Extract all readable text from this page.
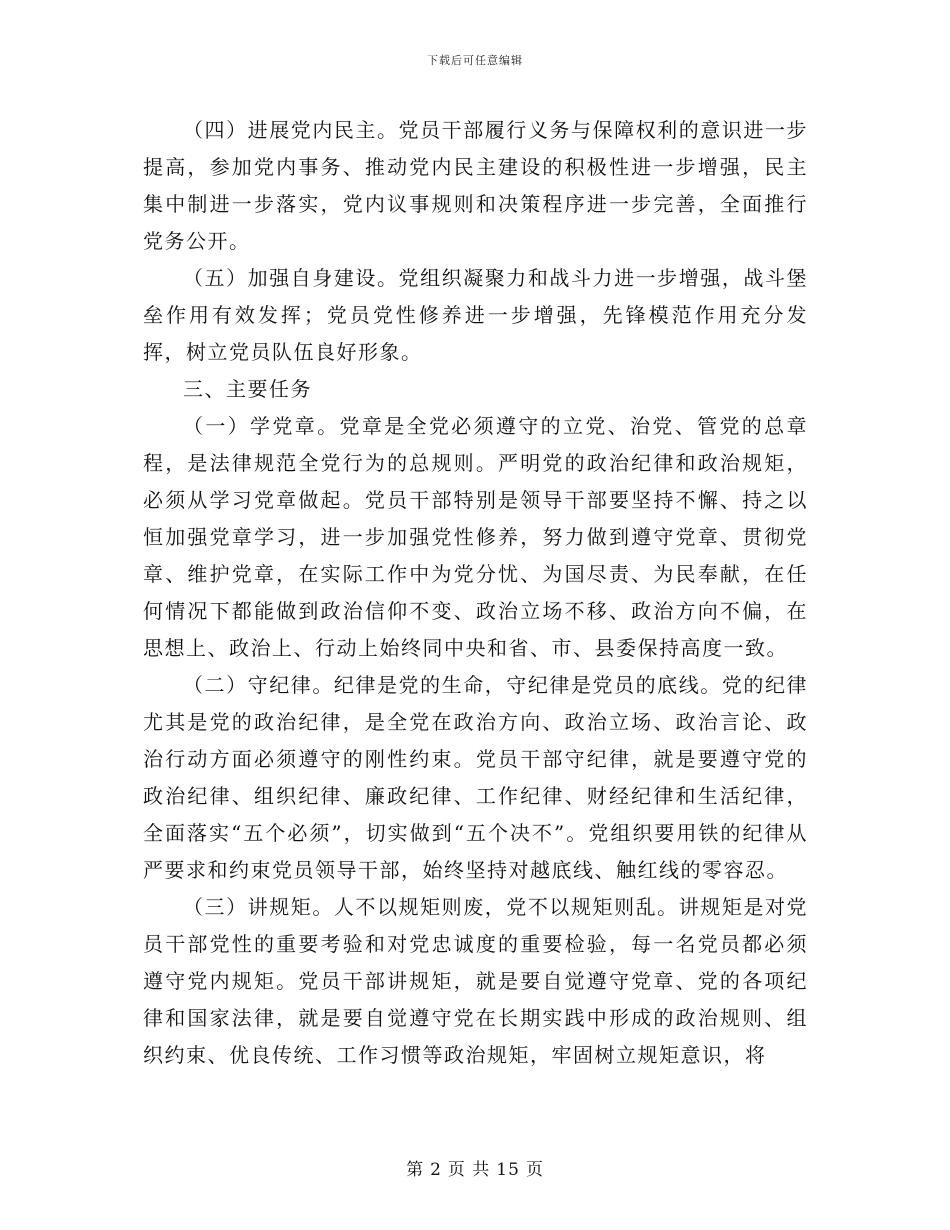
下载后可任意编辑

（四）进展党内民主。党员干部履行义务与保障权利的意识进一步提高，参加党内事务、推动党内民主建设的积极性进一步增强，民主集中制进一步落实，党内议事规则和决策程序进一步完善，全面推行党务公开。

（五）加强自身建设。党组织凝聚力和战斗力进一步增强，战斗堡垒作用有效发挥；党员党性修养进一步增强，先锋模范作用充分发挥，树立党员队伍良好形象。

三、主要任务

（一）学党章。党章是全党必须遵守的立党、治党、管党的总章程，是法律规范全党行为的总规则。严明党的政治纪律和政治规矩，必须从学习党章做起。党员干部特别是领导干部要坚持不懈、持之以恒加强党章学习，进一步加强党性修养，努力做到遵守党章、贯彻党章、维护党章，在实际工作中为党分忧、为国尽责、为民奉献，在任何情况下都能做到政治信仰不变、政治立场不移、政治方向不偏，在思想上、政治上、行动上始终同中央和省、市、县委保持高度一致。

（二）守纪律。纪律是党的生命，守纪律是党员的底线。党的纪律尤其是党的政治纪律，是全党在政治方向、政治立场、政治言论、政治行动方面必须遵守的刚性约束。党员干部守纪律，就是要遵守党的政治纪律、组织纪律、廉政纪律、工作纪律、财经纪律和生活纪律，全面落实“五个必须”，切实做到“五个决不”。党组织要用铁的纪律从严要求和约束党员领导干部，始终坚持对越底线、触红线的零容忍。

（三）讲规矩。人不以规矩则废，党不以规矩则乱。讲规矩是对党员干部党性的重要考验和对党忠诚度的重要检验，每一名党员都必须遵守党内规矩。党员干部讲规矩，就是要自觉遵守党章、党的各项纪律和国家法律，就是要自觉遵守党在长期实践中形成的政治规则、组织约束、优良传统、工作习惯等政治规矩，牢固树立规矩意识，将

第 2 页 共 15 页
